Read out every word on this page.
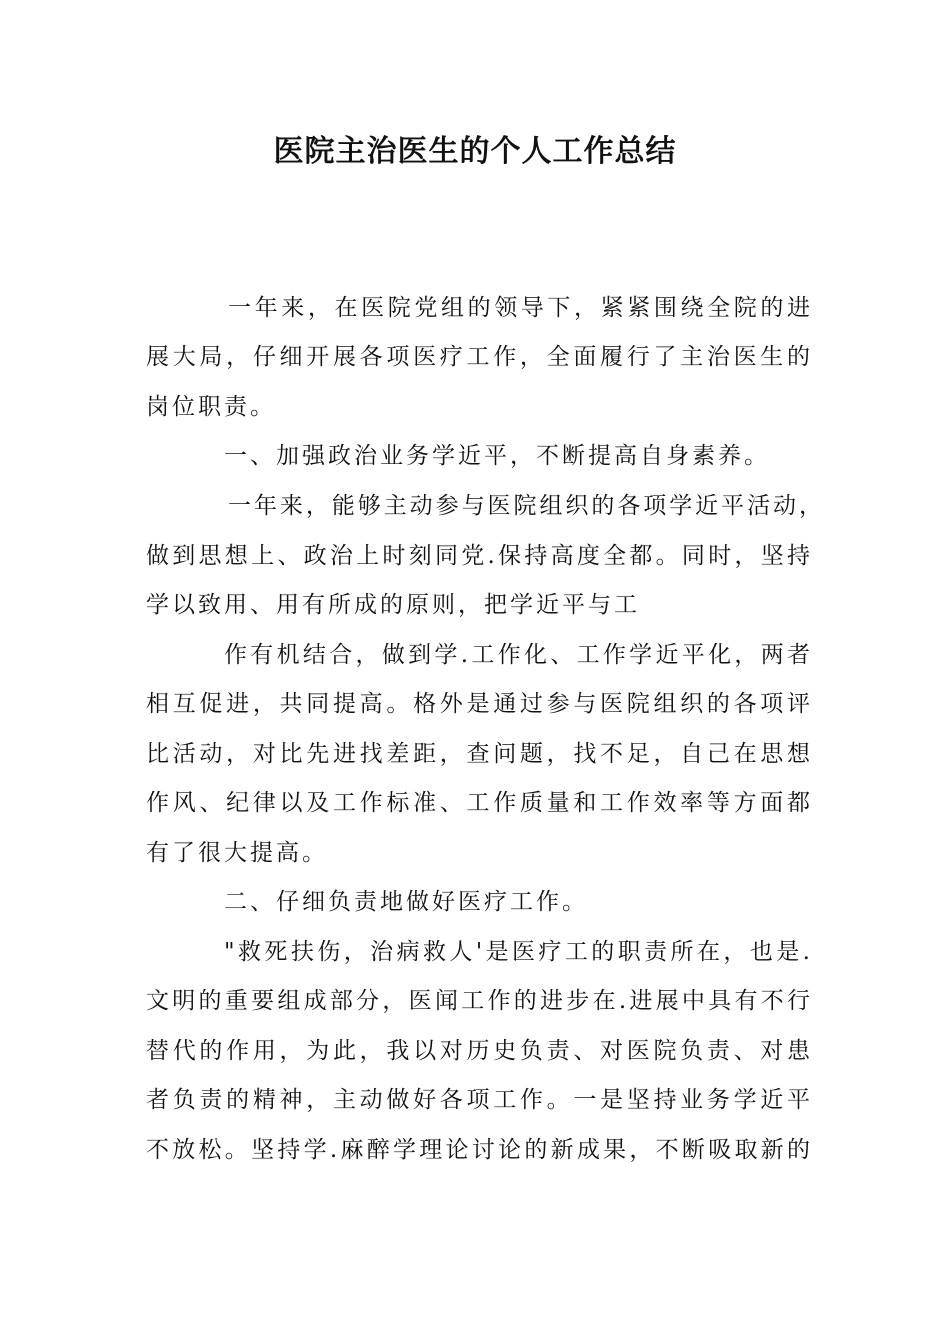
医院主治医生的个人工作总结
一年来，在医院党组的领导下，紧紧围绕全院的进
展大局，仔细开展各项医疗工作，全面履行了主治医生的
岗位职责。
一、加强政治业务学近平，不断提高自身素养。
一年来，能够主动参与医院组织的各项学近平活动，
做到思想上、政治上时刻同党.保持高度全都。同时，坚持
学以致用、用有所成的原则，把学近平与工
作有机结合，做到学.工作化、工作学近平化，两者
相互促进，共同提高。格外是通过参与医院组织的各项评
比活动，对比先进找差距，查问题，找不足，自己在思想
作风、纪律以及工作标准、工作质量和工作效率等方面都
有了很大提高。
二、仔细负责地做好医疗工作。
"救死扶伤，治病救人'是医疗工的职责所在，也是.
文明的重要组成部分，医闻工作的进步在.进展中具有不行
替代的作用，为此，我以对历史负责、对医院负责、对患
者负责的精神，主动做好各项工作。一是坚持业务学近平
不放松。坚持学.麻醉学理论讨论的新成果，不断吸取新的
